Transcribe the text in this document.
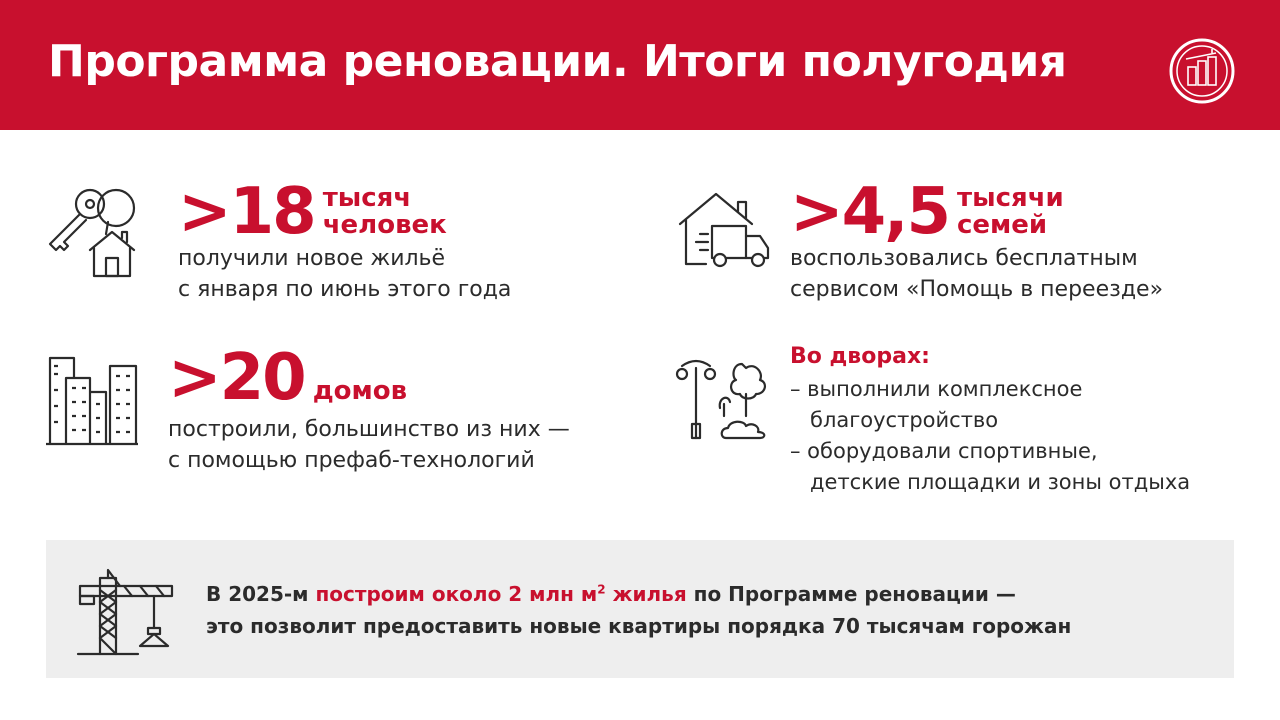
Программа реновации. Итоги полугодия
>18 тысяч
человек
получили новое жильё
с января по июнь этого года
>4,5 тысячи
семей
воспользовались бесплатным
сервисом «Помощь в переезде»
>20 домов
построили, большинство из них —
с помощью префаб-технологий
Во дворах:
– выполнили комплексное
благоустройство
– оборудовали спортивные,
детские площадки и зоны отдыха
В 2025-м построим около 2 млн $м^2$ жилья по Программе реновации —
это позволит предоставить новые квартиры порядка 70 тысячам горожан
